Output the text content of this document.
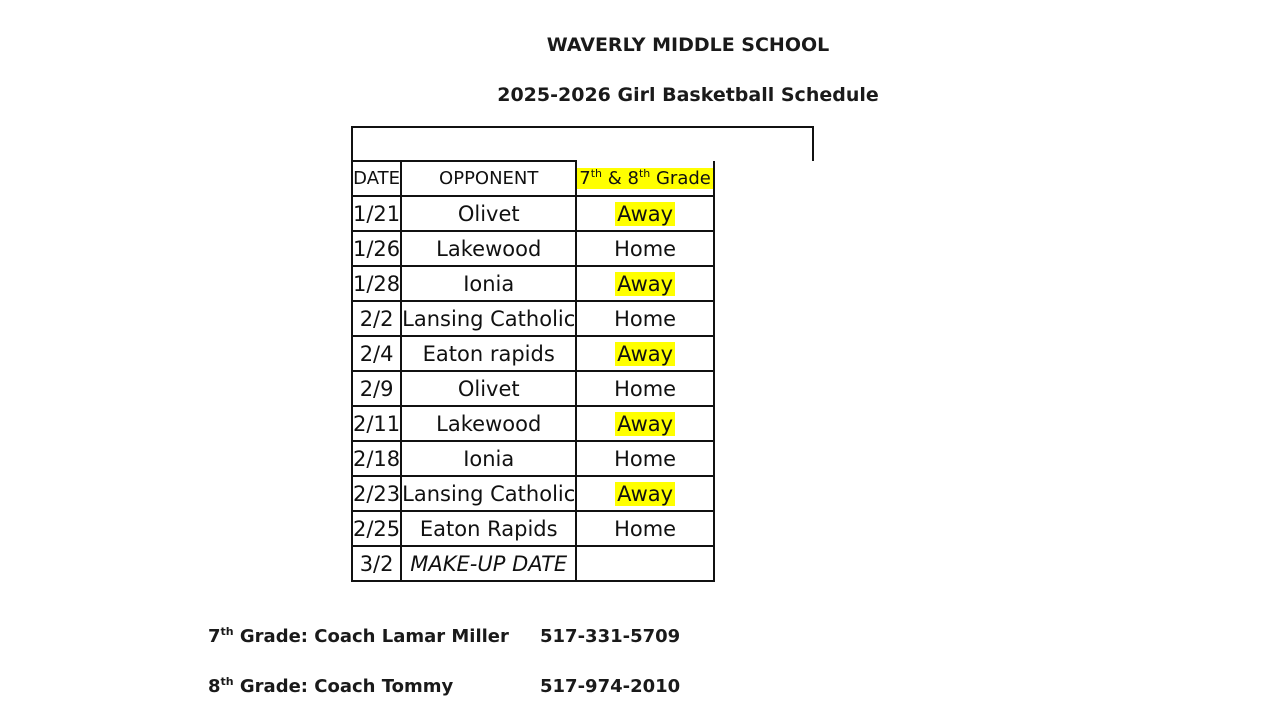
WAVERLY MIDDLE SCHOOL
2025-2026 Girl Basketball Schedule
DATE	OPPONENT	7th & 8th Grade
1/21	Olivet	Away
1/26	Lakewood	Home
1/28	Ionia	Away
2/2	Lansing Catholic	Home
2/4	Eaton rapids	Away
2/9	Olivet	Home
2/11	Lakewood	Away
2/18	Ionia	Home
2/23	Lansing Catholic	Away
2/25	Eaton Rapids	Home
3/2	MAKE-UP DATE	
7th Grade: Coach Lamar Miller 517-331-5709
8th Grade: Coach Tommy	517-974-2010
